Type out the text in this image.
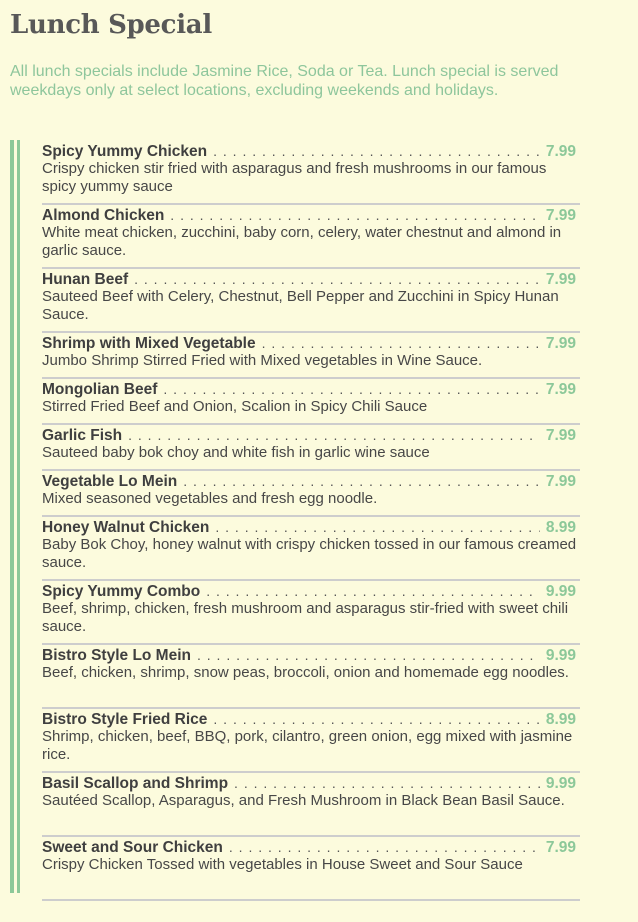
Lunch Special

All lunch specials include Jasmine Rice, Soda or Tea. Lunch special is served weekdays only at select locations, excluding weekends and holidays.

Spicy Yummy Chicken . . .	7.99

Crispy chicken stir fried with asparagus and fresh mushrooms in our famous spicy yummy sauce

Almond Chicken . . .	7.99

White meat chicken, zucchini, baby corn, celery, water chestnut and almond in garlic sauce.

Hunan Beef . . .	7.99

Sauteed Beef with Celery, Chestnut, Bell Pepper and Zucchini in Spicy Hunan Sauce.

Shrimp with Mixed Vegetable . . .	7.99

Jumbo Shrimp Stirred Fried with Mixed vegetables in Wine Sauce.

Mongolian Beef . . .	7.99

Stirred Fried Beef and Onion, Scalion in Spicy Chili Sauce

Garlic Fish . . .	7.99

Sauteed baby bok choy and white fish in garlic wine sauce

Vegetable Lo Mein . . .	7.99

Mixed seasoned vegetables and fresh egg noodle.

Honey Walnut Chicken . . .	8.99

Baby Bok Choy, honey walnut with crispy chicken tossed in our famous creamed sauce.

Spicy Yummy Combo . . .	9.99

Beef, shrimp, chicken, fresh mushroom and asparagus stir-fried with sweet chili sauce.

Bistro Style Lo Mein . . .	9.99

Beef, chicken, shrimp, snow peas, broccoli, onion and homemade egg noodles.

Bistro Style Fried Rice . . .	8.99

Shrimp, chicken, beef, BBQ, pork, cilantro, green onion, egg mixed with jasmine rice.

Basil Scallop and Shrimp . . .	9.99

Sautéed Scallop, Asparagus, and Fresh Mushroom in Black Bean Basil Sauce.

Sweet and Sour Chicken . . .	7.99

Crispy Chicken Tossed with vegetables in House Sweet and Sour Sauce
